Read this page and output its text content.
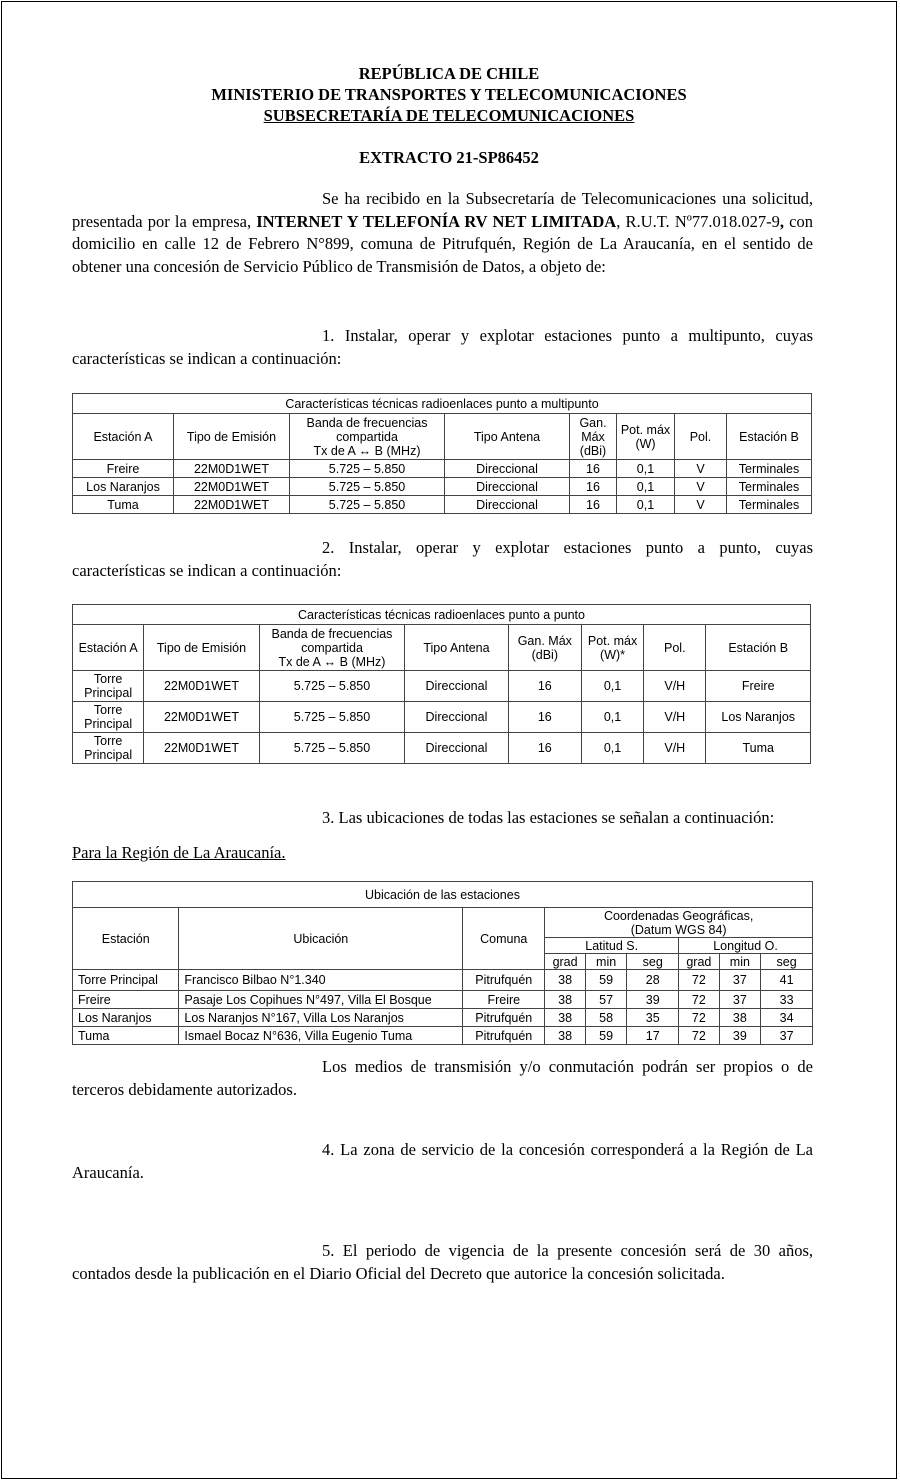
REPÚBLICA DE CHILE
MINISTERIO DE TRANSPORTES Y TELECOMUNICACIONES
SUBSECRETARÍA DE TELECOMUNICACIONES
EXTRACTO 21-SP86452
Se ha recibido en la Subsecretaría de Telecomunicaciones una solicitud, presentada por la empresa, INTERNET Y TELEFONÍA RV NET LIMITADA, R.U.T. Nº77.018.027-9, con domicilio en calle 12 de Febrero N°899, comuna de Pitrufquén, Región de La Araucanía, en el sentido de obtener una concesión de Servicio Público de Transmisión de Datos, a objeto de:
1. Instalar, operar y explotar estaciones punto a multipunto, cuyas características se indican a continuación:
Características técnicas radioenlaces punto a multipunto							
Estación A	Tipo de Emisión	Banda de frecuencias compartida
Tx de A ↔ B (MHz)	Tipo Antena	Gan. Máx (dBi)	Pot. máx (W)	Pol.	Estación B
Freire	22M0D1WET	5.725 – 5.850	Direccional	16	0,1	V	Terminales
Los Naranjos	22M0D1WET	5.725 – 5.850	Direccional	16	0,1	V	Terminales
Tuma	22M0D1WET	5.725 – 5.850	Direccional	16	0,1	V	Terminales
2. Instalar, operar y explotar estaciones punto a punto, cuyas características se indican a continuación:
Características técnicas radioenlaces punto a punto							
Estación A	Tipo de Emisión	Banda de frecuencias compartida
Tx de A ↔ B (MHz)	Tipo Antena	Gan. Máx (dBi)	Pot. máx (W)*	Pol.	Estación B
Torre Principal	22M0D1WET	5.725 – 5.850	Direccional	16	0,1	V/H	Freire
Torre Principal	22M0D1WET	5.725 – 5.850	Direccional	16	0,1	V/H	Los Naranjos
Torre Principal	22M0D1WET	5.725 – 5.850	Direccional	16	0,1	V/H	Tuma
3. Las ubicaciones de todas las estaciones se señalan a continuación:
Para la Región de La Araucanía.
Ubicación de las estaciones								
Estación	Ubicación	Comuna	Coordenadas Geográficas,
(Datum WGS 84)					
			Latitud S.			Longitud O.		
			grad	min	seg	grad	min	seg
Torre Principal	Francisco Bilbao N°1.340	Pitrufquén	38	59	28	72	37	41
Freire	Pasaje Los Copihues N°497, Villa El Bosque	Freire	38	57	39	72	37	33
Los Naranjos	Los Naranjos N°167, Villa Los Naranjos	Pitrufquén	38	58	35	72	38	34
Tuma	Ismael Bocaz N°636, Villa Eugenio Tuma	Pitrufquén	38	59	17	72	39	37
Los medios de transmisión y/o conmutación podrán ser propios o de terceros debidamente autorizados.
4. La zona de servicio de la concesión corresponderá a la Región de La Araucanía.
5. El periodo de vigencia de la presente concesión será de 30 años, contados desde la publicación en el Diario Oficial del Decreto que autorice la concesión solicitada.
